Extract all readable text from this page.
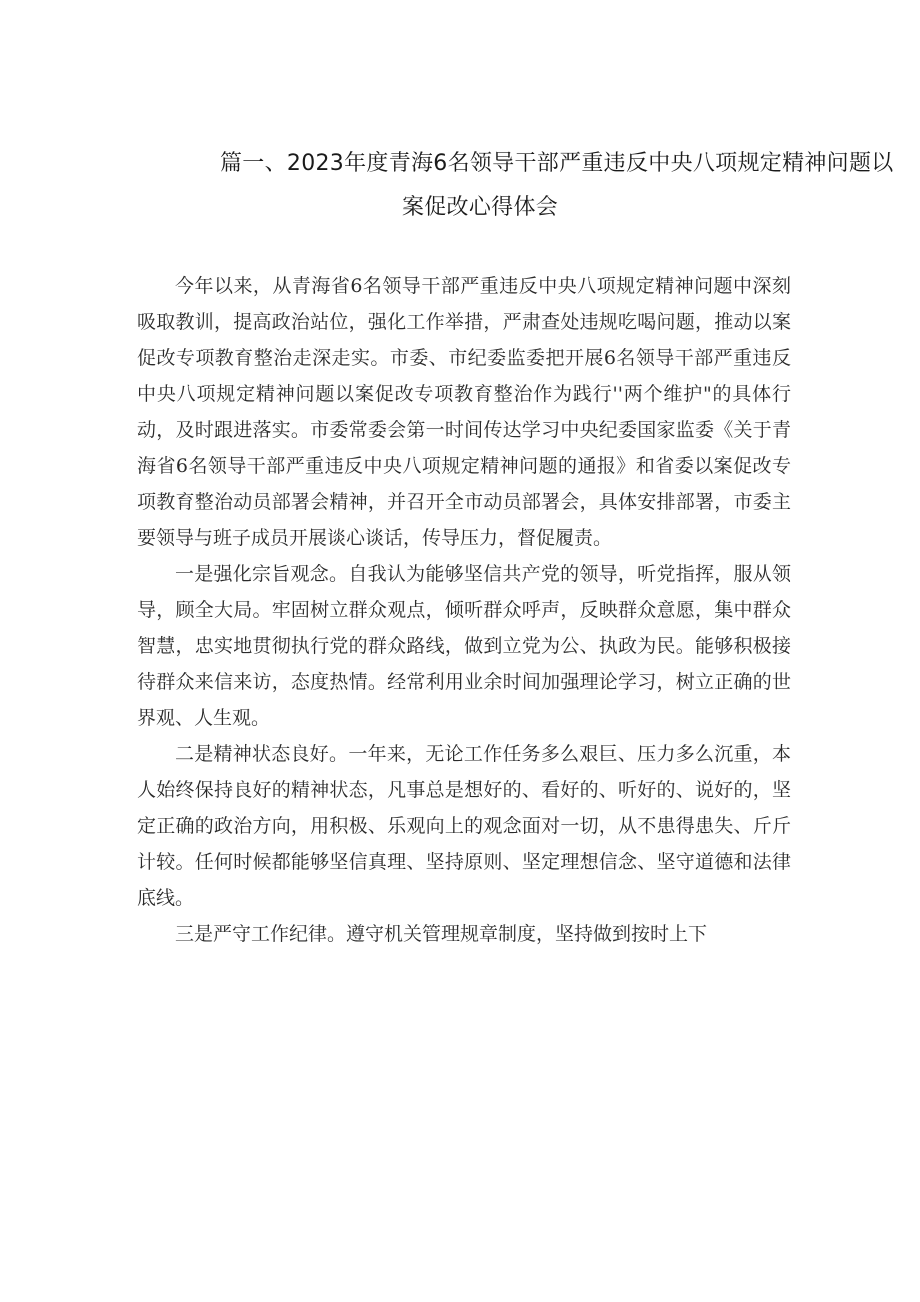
篇一、2023年度青海6名领导干部严重违反中央八项规定精神问题以
案促改心得体会

今年以来，从青海省6名领导干部严重违反中央八项规定精神问题中深刻吸取教训，提高政治站位，强化工作举措，严肃查处违规吃喝问题，推动以案促改专项教育整治走深走实。市委、市纪委监委把开展6名领导干部严重违反中央八项规定精神问题以案促改专项教育整治作为践行''两个维护"的具体行动，及时跟进落实。市委常委会第一时间传达学习中央纪委国家监委《关于青海省6名领导干部严重违反中央八项规定精神问题的通报》和省委以案促改专项教育整治动员部署会精神，并召开全市动员部署会，具体安排部署，市委主要领导与班子成员开展谈心谈话，传导压力，督促履责。

一是强化宗旨观念。自我认为能够坚信共产党的领导，听党指挥，服从领导，顾全大局。牢固树立群众观点，倾听群众呼声，反映群众意愿，集中群众智慧，忠实地贯彻执行党的群众路线，做到立党为公、执政为民。能够积极接待群众来信来访，态度热情。经常利用业余时间加强理论学习，树立正确的世界观、人生观。

二是精神状态良好。一年来，无论工作任务多么艰巨、压力多么沉重，本人始终保持良好的精神状态，凡事总是想好的、看好的、听好的、说好的，坚定正确的政治方向，用积极、乐观向上的观念面对一切，从不患得患失、斤斤计较。任何时候都能够坚信真理、坚持原则、坚定理想信念、坚守道德和法律底线。

三是严守工作纪律。遵守机关管理规章制度，坚持做到按时上下
